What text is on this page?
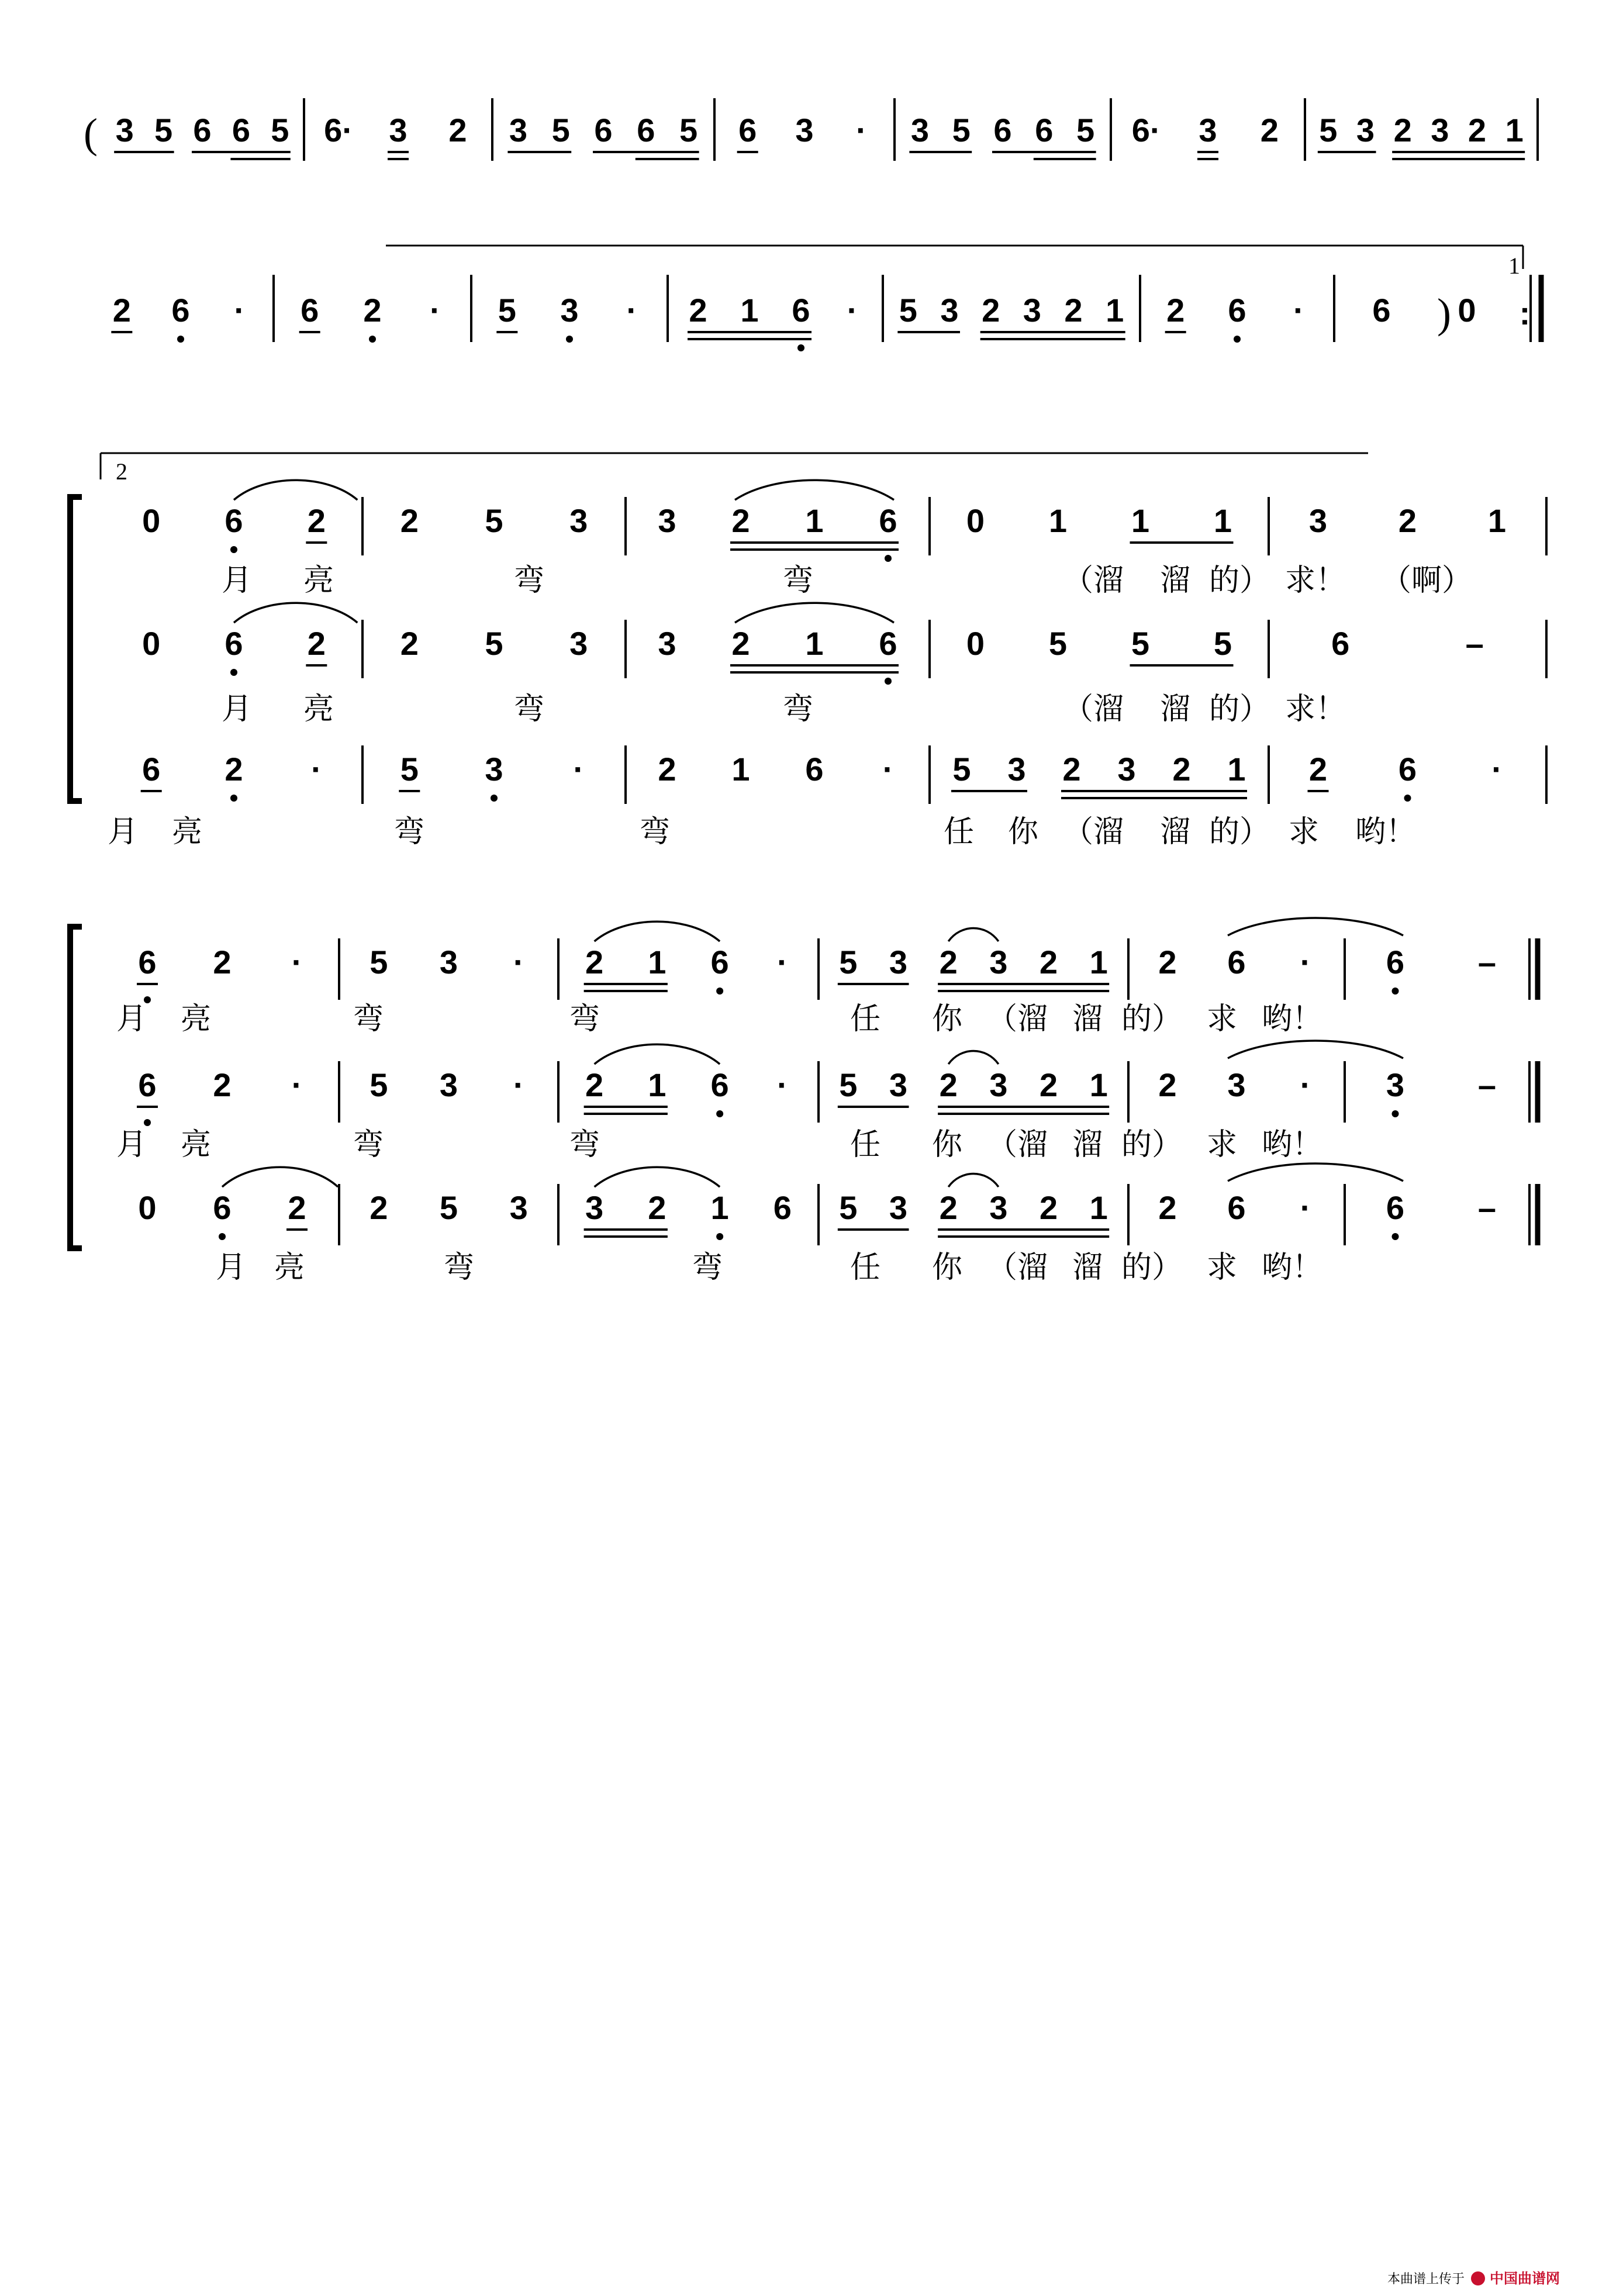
( 3 5 6 6 5 6· 3 2 3 5 6 6 5 6 3 · 3 5 6 6 5 6· 3 2 5 3 2 3 2 1
1
2 6 · 6 2 · 5 3 · 2 1 6 · 5 3 2 3 2 1 2 6 · 6 0
) :
2
0 6 2 2 5 3 3 2 1 6 0 1 1 1 3 2 1
月 亮	弯	弯	（溜 溜 的） 求！ （啊）
0 6 2 2 5 3 3 2 1 6 0 5 5 5	6	–
月 亮	弯	弯	（溜 溜 的） 求！
6 2 · 5 3 · 2 1 6 · 5 3 2 3 2 1 2 6 ·
月 亮	弯	弯	任 你 （溜 溜 的） 求 哟！
6 2 · 5 3 · 2 1 6 · 5 3 2 3 2 1 2 6 · 6 –
月 亮	弯	弯	任 你 （溜 溜 的） 求 哟！
6 2 · 5 3 · 2 1 6 · 5 3 2 3 2 1 2 3 · 3 –
月 亮	弯	弯	任 你 （溜 溜 的） 求 哟！
0 6 2 2 5 3 3 2 1 6 5 3 2 3 2 1 2 6 · 6 –
月 亮	弯	弯	任 你 （溜 溜 的） 求 哟！
本曲谱上传于 中国曲谱网
